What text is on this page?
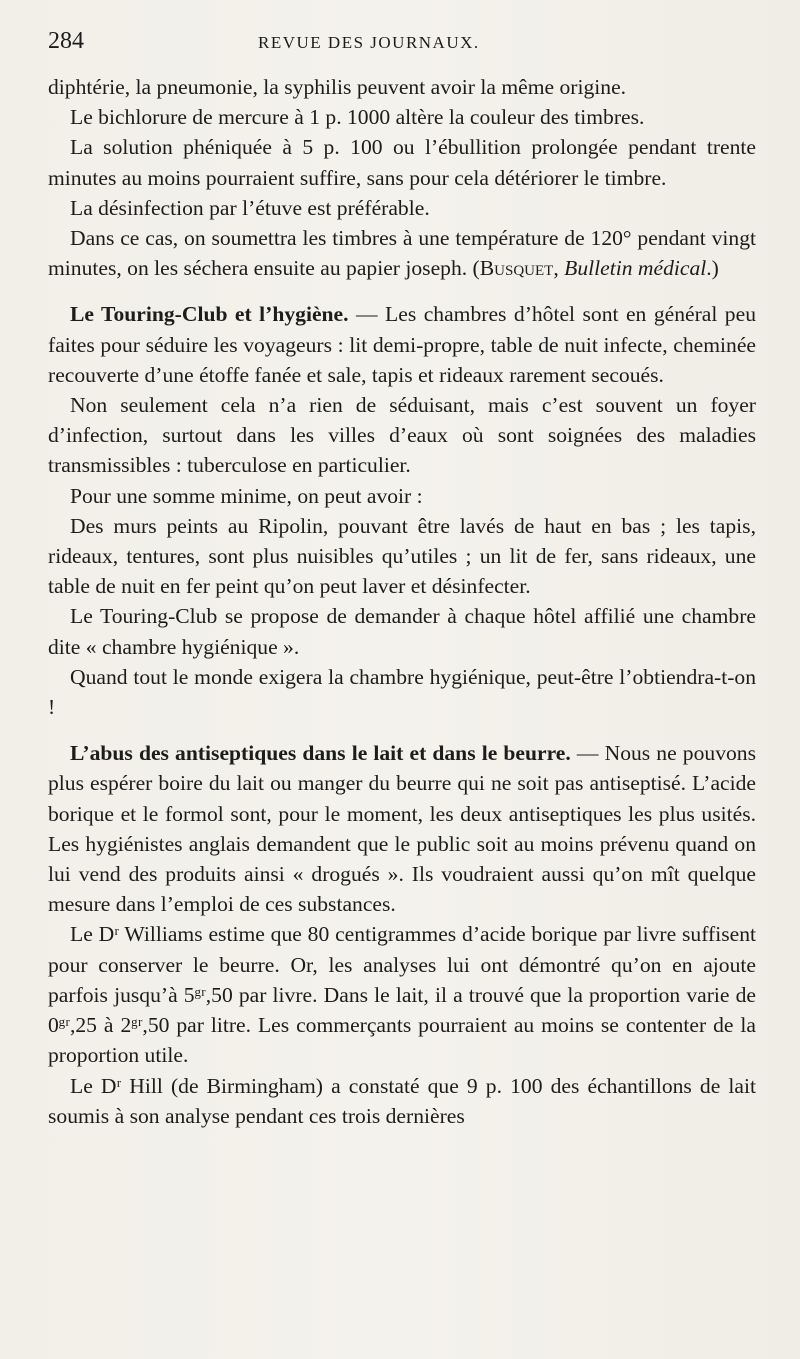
284	REVUE DES JOURNAUX.

diphtérie, la pneumonie, la syphilis peuvent avoir la même origine.

Le bichlorure de mercure à 1 p. 1000 altère la couleur des timbres.

La solution phéniquée à 5 p. 100 ou l’ébullition prolongée pendant trente minutes au moins pourraient suffire, sans pour cela détériorer le timbre.

La désinfection par l’étuve est préférable.

Dans ce cas, on soumettra les timbres à une température de 120° pendant vingt minutes, on les séchera ensuite au papier joseph. (Busquet, Bulletin médical.)

Le Touring-Club et l’hygiène. — Les chambres d’hôtel sont en général peu faites pour séduire les voyageurs : lit demi-propre, table de nuit infecte, cheminée recouverte d’une étoffe fanée et sale, tapis et rideaux rarement secoués.

Non seulement cela n’a rien de séduisant, mais c’est souvent un foyer d’infection, surtout dans les villes d’eaux où sont soignées des maladies transmissibles : tuberculose en particulier.

Pour une somme minime, on peut avoir :

Des murs peints au Ripolin, pouvant être lavés de haut en bas ; les tapis, rideaux, tentures, sont plus nuisibles qu’utiles ; un lit de fer, sans rideaux, une table de nuit en fer peint qu’on peut laver et désinfecter.

Le Touring-Club se propose de demander à chaque hôtel affilié une chambre dite « chambre hygiénique ».

Quand tout le monde exigera la chambre hygiénique, peut-être l’obtiendra-t-on !

L’abus des antiseptiques dans le lait et dans le beurre. — Nous ne pouvons plus espérer boire du lait ou manger du beurre qui ne soit pas antiseptisé. L’acide borique et le formol sont, pour le moment, les deux antiseptiques les plus usités. Les hygiénistes anglais demandent que le public soit au moins prévenu quand on lui vend des produits ainsi « drogués ». Ils voudraient aussi qu’on mît quelque mesure dans l’emploi de ces substances.

Le Dʳ Williams estime que 80 centigrammes d’acide borique par livre suffisent pour conserver le beurre. Or, les analyses lui ont démontré qu’on en ajoute parfois jusqu’à 5ᵍʳ,50 par livre. Dans le lait, il a trouvé que la proportion varie de 0ᵍʳ,25 à 2ᵍʳ,50 par litre. Les commerçants pourraient au moins se contenter de la proportion utile.

Le Dʳ Hill (de Birmingham) a constaté que 9 p. 100 des échantillons de lait soumis à son analyse pendant ces trois dernières
